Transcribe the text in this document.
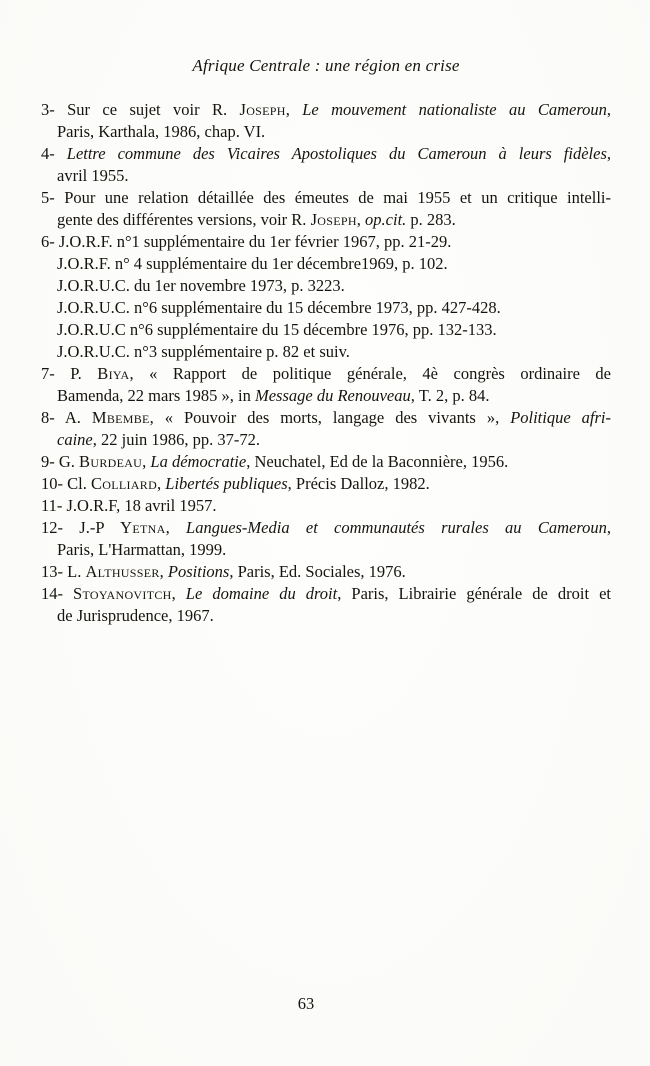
Afrique Centrale : une région en crise
3- Sur ce sujet voir R. Joseph, Le mouvement nationaliste au Cameroun,
Paris, Karthala, 1986, chap. VI.
4- Lettre commune des Vicaires Apostoliques du Cameroun à leurs fidèles,
avril 1955.
5- Pour une relation détaillée des émeutes de mai 1955 et un critique intelli-
gente des différentes versions, voir R. Joseph, op.cit. p. 283.
6- J.O.R.F. n°1 supplémentaire du 1er février 1967, pp. 21-29.
J.O.R.F. n° 4 supplémentaire du 1er décembre1969, p. 102.
J.O.R.U.C. du 1er novembre 1973, p. 3223.
J.O.R.U.C. n°6 supplémentaire du 15 décembre 1973, pp. 427-428.
J.O.R.U.C n°6 supplémentaire du 15 décembre 1976, pp. 132-133.
J.O.R.U.C. n°3 supplémentaire p. 82 et suiv.
7- P. Biya, « Rapport de politique générale, 4è congrès ordinaire de
Bamenda, 22 mars 1985 », in Message du Renouveau, T. 2, p. 84.
8- A. Mbembe, « Pouvoir des morts, langage des vivants », Politique afri-
caine, 22 juin 1986, pp. 37-72.
9- G. Burdeau, La démocratie, Neuchatel, Ed de la Baconnière, 1956.
10- Cl. Colliard, Libertés publiques, Précis Dalloz, 1982.
11- J.O.R.F, 18 avril 1957.
12- J.-P Yetna, Langues-Media et communautés rurales au Cameroun,
Paris, L'Harmattan, 1999.
13- L. Althusser, Positions, Paris, Ed. Sociales, 1976.
14- Stoyanovitch, Le domaine du droit, Paris, Librairie générale de droit et
de Jurisprudence, 1967.
63
